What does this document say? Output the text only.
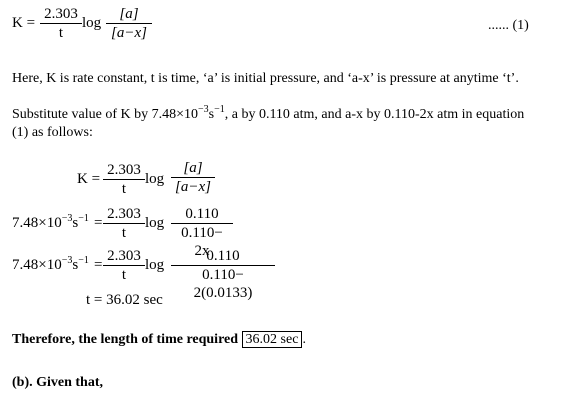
K =
2.303
t
log
[a]
[a−x]	...... (1)
Here, K is rate constant, t is time, ‘a’ is initial pressure, and ‘a-x’ is pressure at anytime ‘t’.
Substitute value of K by $7.48\times 10^{-3}s^{-1}$, a by 0.110 atm, and a-x by 0.110-2x atm in equation
(1) as follows:
K =
2.303
t
log
[a]
[a−x]
$7.48\times 10^{-3}s^{-1}$ =
2.303
t
log
0.110
0.110− 2x
$7.48\times 10^{-3}s^{-1}$ =
2.303
t
log
0.110
0.110− 2(0.0133)
t = 36.02 sec
Therefore, the length of time required 36.02 sec .
(b). Given that,
